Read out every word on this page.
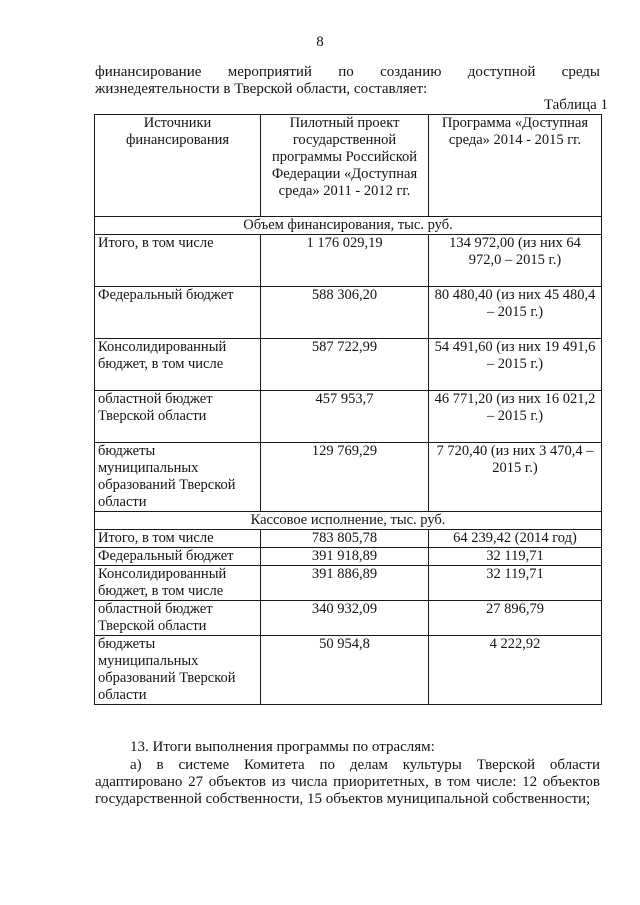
8
финансирование мероприятий по созданию доступной среды
жизнедеятельности в Тверской области, составляет:
Таблица 1
Источники финансирования	Пилотный проект государственной программы Российской Федерации «Доступная среда» 2011 - 2012 гг.	Программа «Доступная среда» 2014 - 2015 гг.
Объем финансирования, тыс. руб.		
Итого, в том числе	1 176 029,19	134 972,00 (из них 64 972,0 – 2015 г.)
Федеральный бюджет	588 306,20	80 480,40 (из них 45 480,4 – 2015 г.)
Консолидированный бюджет, в том числе	587 722,99	54 491,60 (из них 19 491,6 – 2015 г.)
областной бюджет Тверской области	457 953,7	46 771,20 (из них 16 021,2 – 2015 г.)
бюджеты муниципальных образований Тверской области	129 769,29	7 720,40 (из них 3 470,4 – 2015 г.)
Кассовое исполнение, тыс. руб.		
Итого, в том числе	783 805,78	64 239,42 (2014 год)
Федеральный бюджет	391 918,89	32 119,71
Консолидированный бюджет, в том числе	391 886,89	32 119,71
областной бюджет Тверской области	340 932,09	27 896,79
бюджеты муниципальных образований Тверской области	50 954,8	4 222,92
13. Итоги выполнения программы по отраслям:
а) в системе Комитета по делам культуры Тверской области
адаптировано 27 объектов из числа приоритетных, в том числе: 12 объектов
государственной собственности, 15 объектов муниципальной собственности;
